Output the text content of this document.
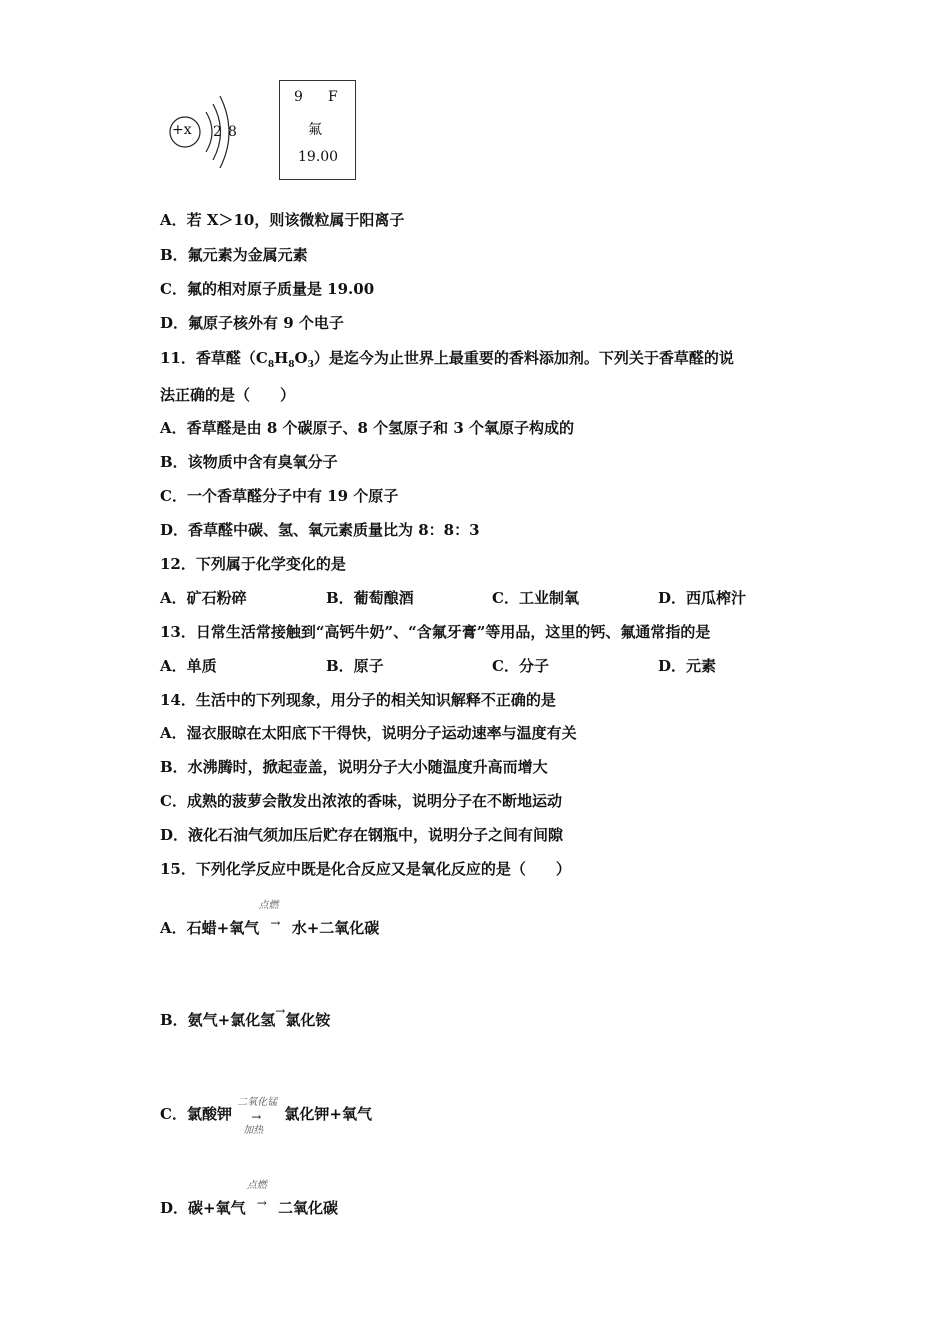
+x 2 8
9 F
氟
19.00
A．若 X＞10，则该微粒属于阳离子
B．氟元素为金属元素
C．氟的相对原子质量是 19.00
D．氟原子核外有 9 个电子
11．香草醛$(C_8H_8O_3)$是迄今为止世界上最重要的香料添加剂。下列关于香草醛的说
法正确的是（　　）
A．香草醛是由 8 个碳原子、8 个氢原子和 3 个氧原子构成的
B．该物质中含有臭氧分子
C．一个香草醛分子中有 19 个原子
D．香草醛中碳、氢、氧元素质量比为 8：8：3
12．下列属于化学变化的是
A．矿石粉碎	B．葡萄酿酒	C．工业制氧	D．西瓜榨汁
13．日常生活常接触到“高钙牛奶”、“含氟牙膏”等用品，这里的钙、氟通常指的是
A．单质	B．原子	C．分子	D．元素
14．生活中的下列现象，用分子的相关知识解释不正确的是
A．湿衣服晾在太阳底下干得快，说明分子运动速率与温度有关
B．水沸腾时，掀起壶盖，说明分子大小随温度升高而增大
C．成熟的菠萝会散发出浓浓的香味，说明分子在不断地运动
D．液化石油气须加压后贮存在钢瓶中，说明分子之间有间隙
15．下列化学反应中既是化合反应又是氧化反应的是（　　）
A．石蜡+氧气
点燃
→ 水+二氧化碳
B．氨气+氯化氢→氯化铵
C．氯酸钾
二氧化锰
→
加热
氯化钾+氧气
D．碳+氧气
点燃
→ 二氧化碳
